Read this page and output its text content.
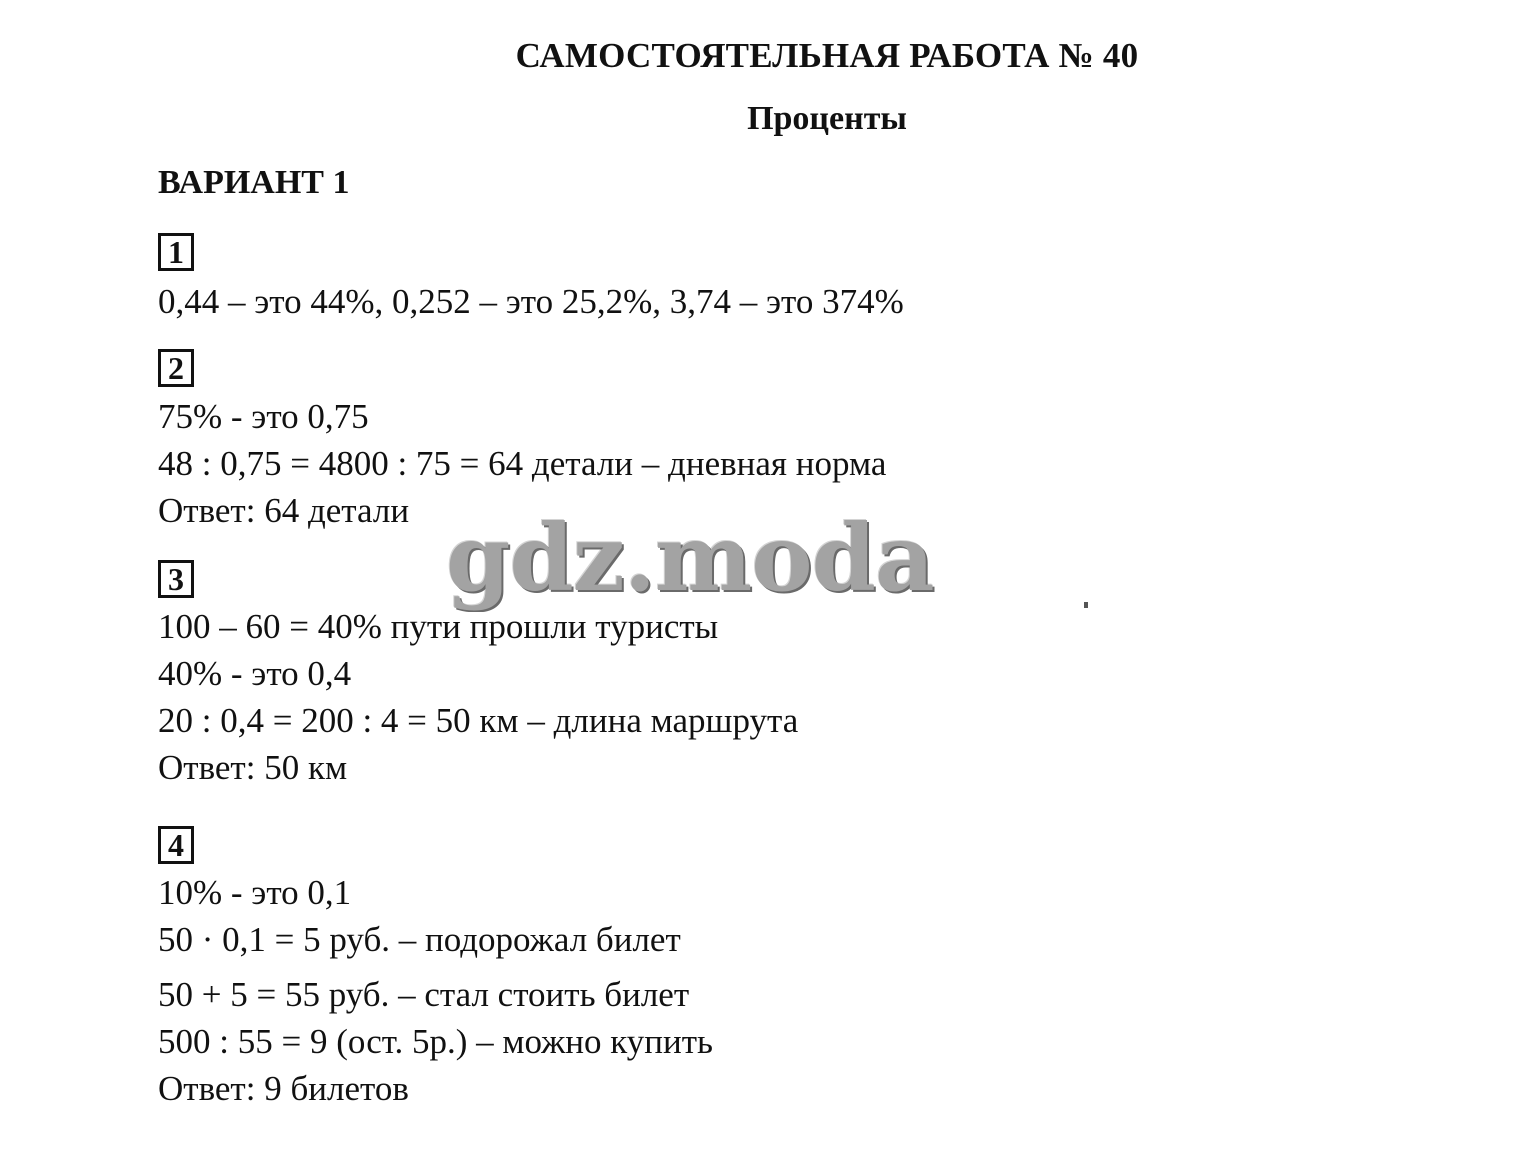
САМОСТОЯТЕЛЬНАЯ РАБОТА № 40
Проценты
ВАРИАНТ 1
1
0,44 – это 44%, 0,252 – это 25,2%, 3,74 – это 374%
2
75% - это 0,75
48 : 0,75 = 4800 : 75 = 64 детали – дневная норма
Ответ: 64 детали
3
100 – 60 = 40% пути прошли туристы
40% - это 0,4
20 : 0,4 = 200 : 4 = 50 км – длина маршрута
Ответ: 50 км
4
10% - это 0,1
50 · 0,1 = 5 руб. – подорожал билет
50 + 5 = 55 руб. – стал стоить билет
500 : 55 = 9 (ост. 5р.) – можно купить
Ответ: 9 билетов
gdz.moda
